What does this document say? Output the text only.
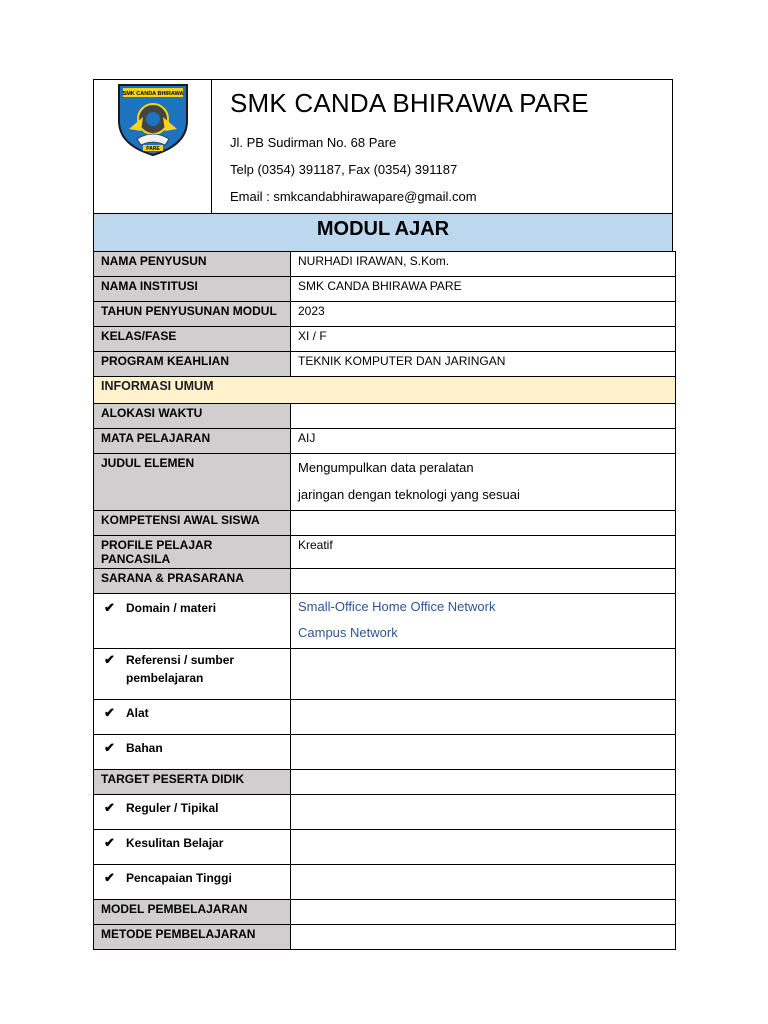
SMK CANDA BHIRAWA
PARE
SMK CANDA BHIRAWA PARE
Jl. PB Sudirman No. 68 Pare
Telp (0354) 391187, Fax (0354) 391187
Email : smkcandabhirawapare@gmail.com
MODUL AJAR
NAMA PENYUSUN	NURHADI IRAWAN, S.Kom.
NAMA INSTITUSI	SMK CANDA BHIRAWA PARE
TAHUN PENYUSUNAN MODUL	2023
KELAS/FASE	XI / F
PROGRAM KEAHLIAN	TEKNIK KOMPUTER DAN JARINGAN
INFORMASI UMUM	
ALOKASI WAKTU	
MATA PELAJARAN	AIJ
JUDUL ELEMEN	Mengumpulkan data peralatan
jaringan dengan teknologi yang sesuai

KOMPETENSI AWAL SISWA	
PROFILE PELAJAR PANCASILA	Kreatif
SARANA & PRASARANA	
✔ Domain / materi	Small-Office Home Office Network
Campus Network

✔ Referensi / sumber
pembelajaran	

✔ Alat	
✔ Bahan	
TARGET PESERTA DIDIK	
✔ Reguler / Tipikal	
✔ Kesulitan Belajar	
✔ Pencapaian Tinggi	
MODEL PEMBELAJARAN	
METODE PEMBELAJARAN	
